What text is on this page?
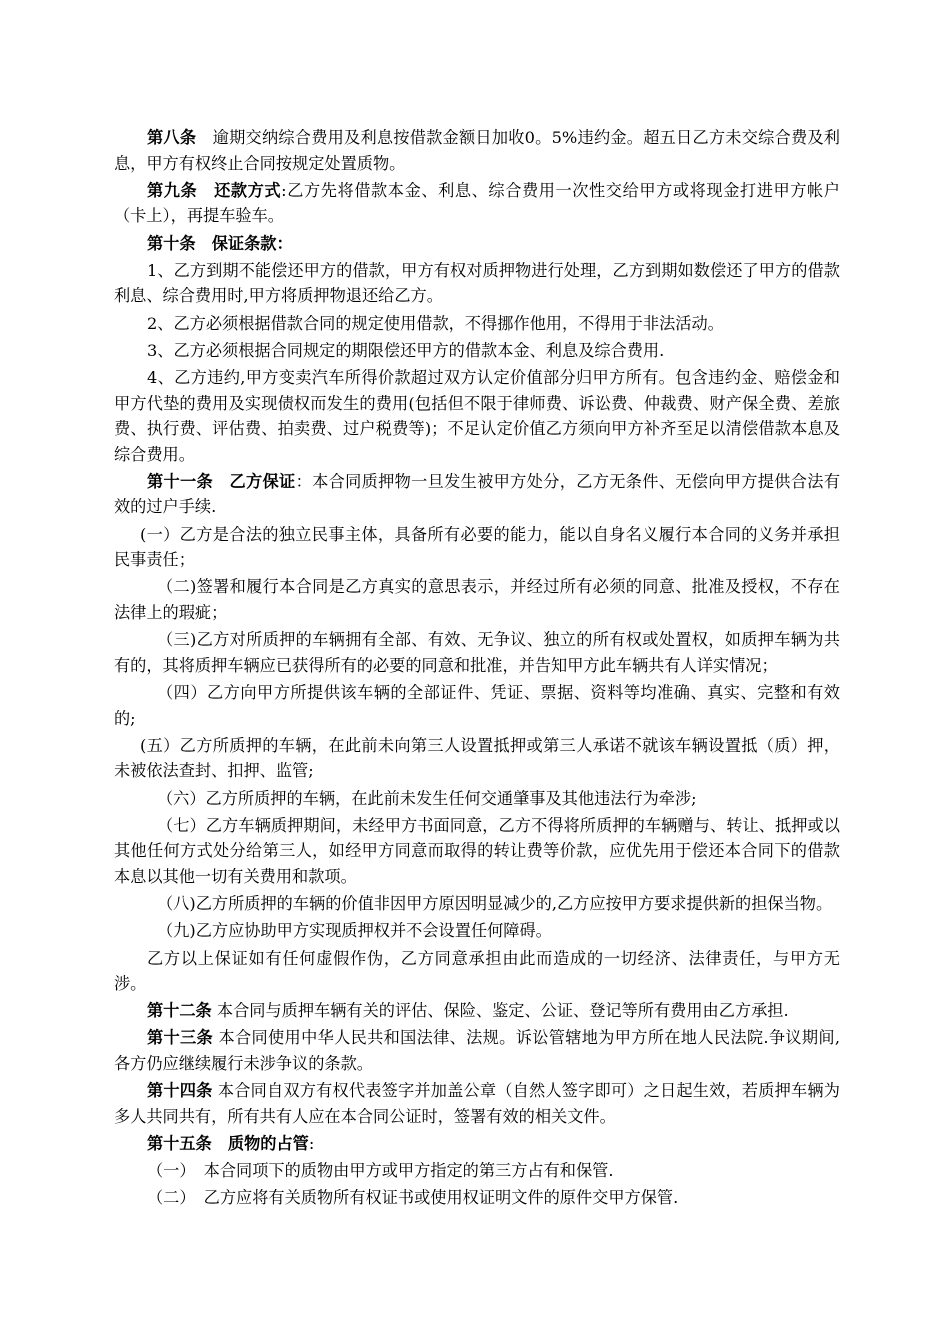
第八条　逾期交纳综合费用及利息按借款金额日加收0。5%违约金。超五日乙方未交综合费及利息，甲方有权终止合同按规定处置质物。

第九条　还款方式:乙方先将借款本金、利息、综合费用一次性交给甲方或将现金打进甲方帐户（卡上），再提车验车。

第十条　保证条款：

1、乙方到期不能偿还甲方的借款，甲方有权对质押物进行处理，乙方到期如数偿还了甲方的借款利息、综合费用时,甲方将质押物退还给乙方。

2、乙方必须根据借款合同的规定使用借款，不得挪作他用，不得用于非法活动。

3、乙方必须根据合同规定的期限偿还甲方的借款本金、利息及综合费用.

4、乙方违约,甲方变卖汽车所得价款超过双方认定价值部分归甲方所有。包含违约金、赔偿金和甲方代垫的费用及实现债权而发生的费用(包括但不限于律师费、诉讼费、仲裁费、财产保全费、差旅费、执行费、评估费、拍卖费、过户税费等)；不足认定价值乙方须向甲方补齐至足以清偿借款本息及综合费用。

第十一条　乙方保证：本合同质押物一旦发生被甲方处分，乙方无条件、无偿向甲方提供合法有效的过户手续.

(一）乙方是合法的独立民事主体，具备所有必要的能力，能以自身名义履行本合同的义务并承担民事责任；

（二)签署和履行本合同是乙方真实的意思表示，并经过所有必须的同意、批准及授权，不存在法律上的瑕疵；

（三)乙方对所质押的车辆拥有全部、有效、无争议、独立的所有权或处置权，如质押车辆为共有的，其将质押车辆应已获得所有的必要的同意和批准，并告知甲方此车辆共有人详实情况；

（四）乙方向甲方所提供该车辆的全部证件、凭证、票据、资料等均准确、真实、完整和有效的;

(五）乙方所质押的车辆，在此前未向第三人设置抵押或第三人承诺不就该车辆设置抵（质）押，未被依法查封、扣押、监管;

（六）乙方所质押的车辆，在此前未发生任何交通肇事及其他违法行为牵涉;

（七）乙方车辆质押期间，未经甲方书面同意，乙方不得将所质押的车辆赠与、转让、抵押或以其他任何方式处分给第三人，如经甲方同意而取得的转让费等价款，应优先用于偿还本合同下的借款本息以其他一切有关费用和款项。

（八)乙方所质押的车辆的价值非因甲方原因明显减少的,乙方应按甲方要求提供新的担保当物。

（九)乙方应协助甲方实现质押权并不会设置任何障碍。

乙方以上保证如有任何虚假作伪，乙方同意承担由此而造成的一切经济、法律责任，与甲方无涉。

第十二条 本合同与质押车辆有关的评估、保险、鉴定、公证、登记等所有费用由乙方承担.

第十三条 本合同使用中华人民共和国法律、法规。诉讼管辖地为甲方所在地人民法院.争议期间,各方仍应继续履行未涉争议的条款。

第十四条 本合同自双方有权代表签字并加盖公章（自然人签字即可）之日起生效，若质押车辆为多人共同共有，所有共有人应在本合同公证时，签署有效的相关文件。

第十五条　质物的占管:

（一）　本合同项下的质物由甲方或甲方指定的第三方占有和保管.

（二）　乙方应将有关质物所有权证书或使用权证明文件的原件交甲方保管.
